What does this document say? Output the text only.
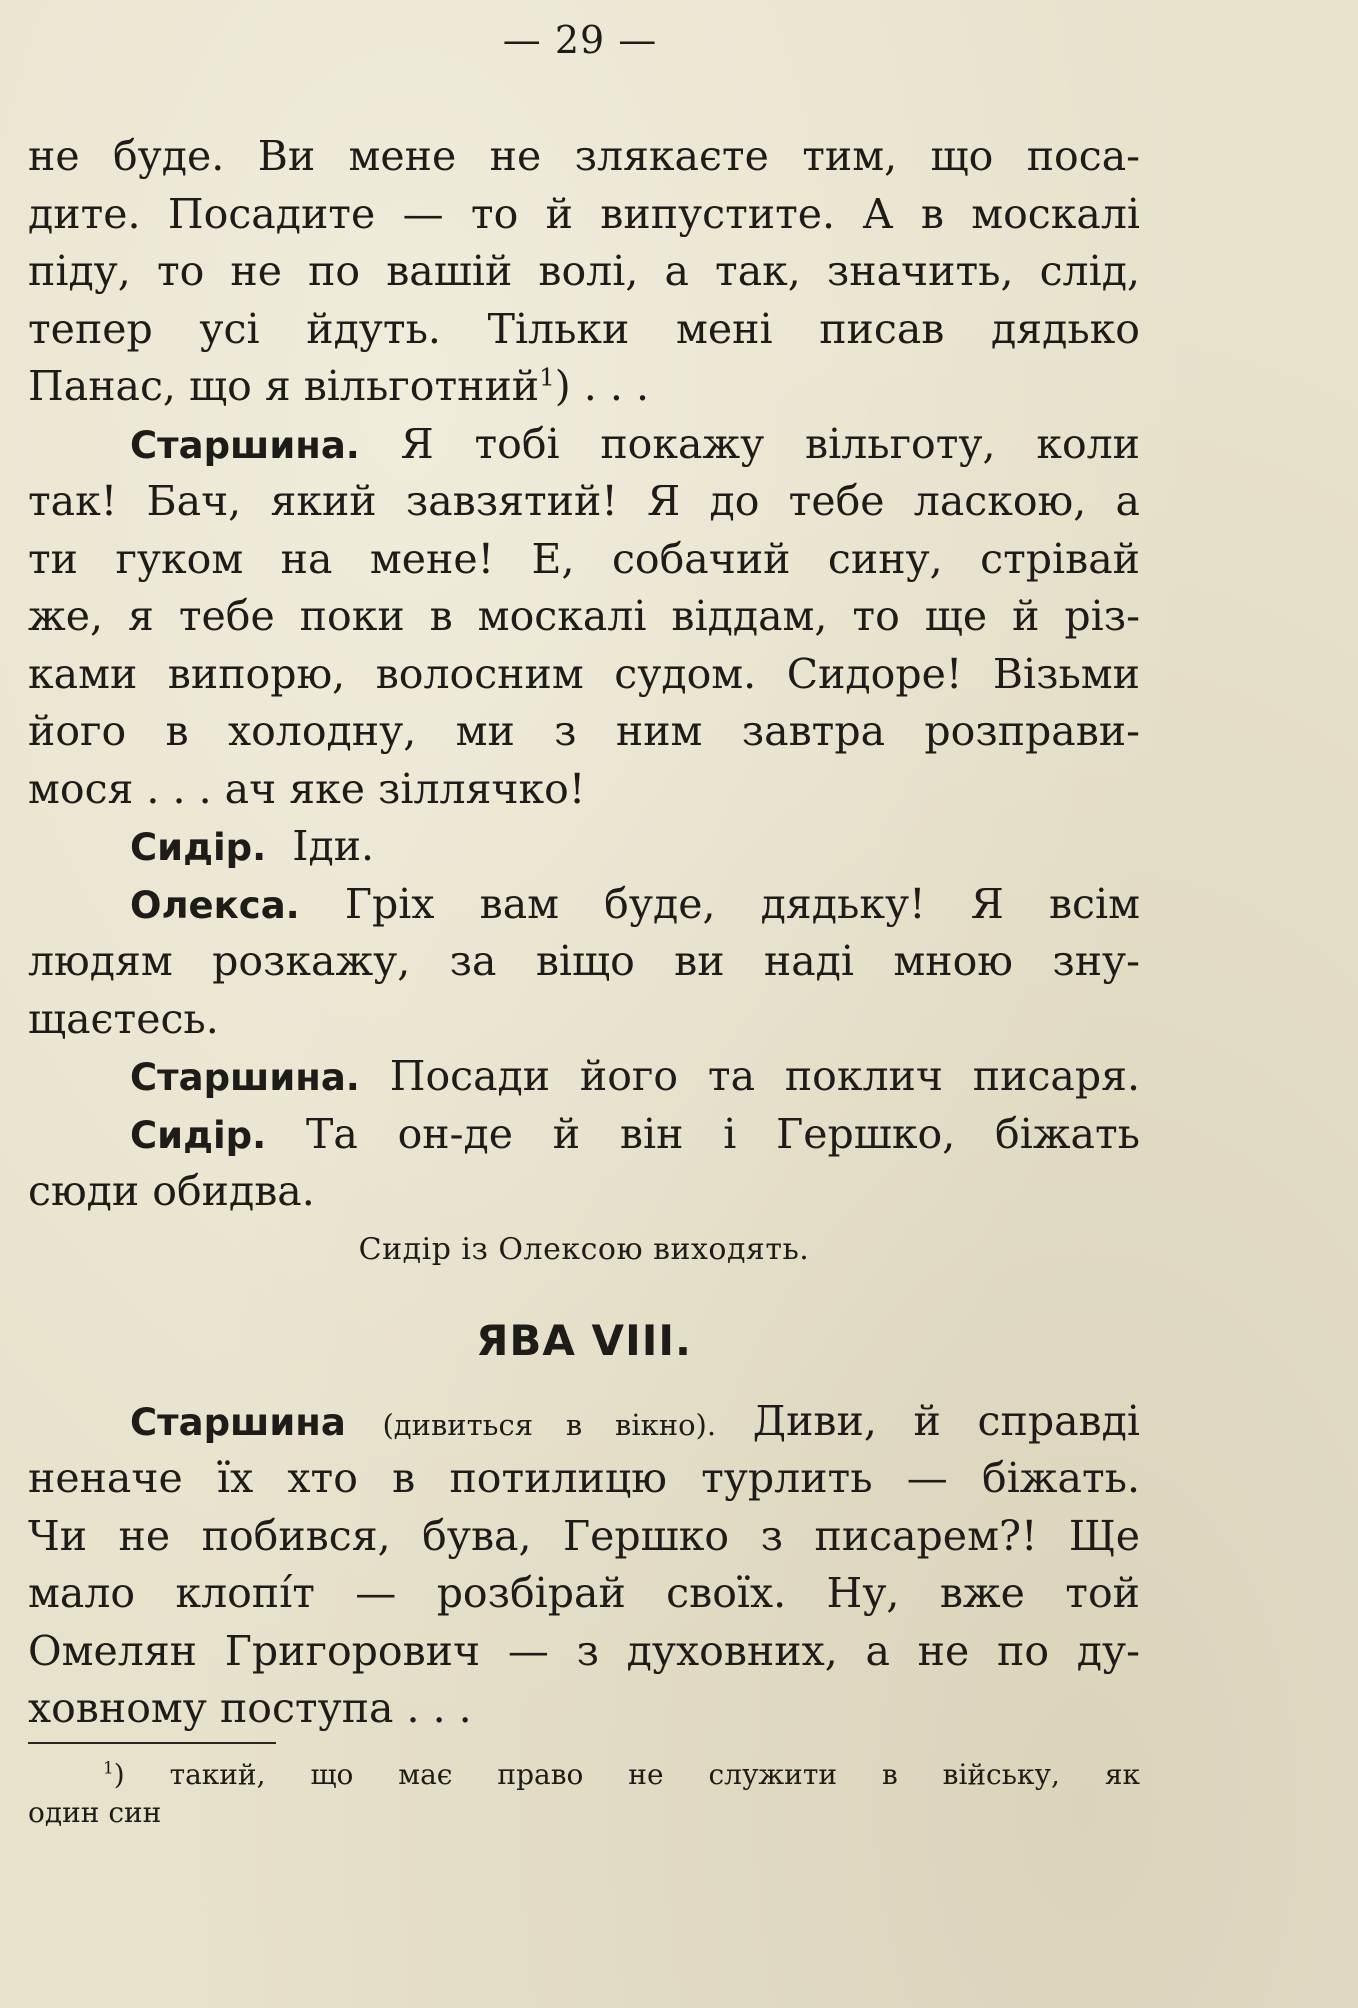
— 29 —
не буде. Ви мене не злякаєте тим, що поса-
дите. Посадите — то й випустите. А в москалі
піду, то не по вашій волі, а так, значить, слід,
тепер усі йдуть. Тільки мені писав дядько
Панас, що я вільготний$^1$) . . .
Старшина. Я тобі покажу вільготу, коли
так! Бач, який завзятий! Я до тебе ласкою, а
ти гуком на мене! Е, собачий сину, стрівай
же, я тебе поки в москалі віддам, то ще й різ-
ками випорю, волосним судом. Сидоре! Візьми
його в холодну, ми з ним завтра розправи-
мося . . . ач яке зіллячко!
Сидір. Іди.
Олекса. Гріх вам буде, дядьку! Я всім
людям розкажу, за віщо ви наді мною зну-
щаєтесь.
Старшина. Посади його та поклич писаря.
Сидір. Та он-де й він і Гершко, біжать
сюди обидва.
Сидір із Олексою виходять.
ЯВА VIII.
Старшина (дивиться в вікно). Диви, й справді
неначе їх хто в потилицю турлить — біжать.
Чи не побився, бува, Гершко з писарем?! Ще
мало клопі́т — розбірай своїх. Ну, вже той
Омелян Григорович — з духовних, а не по ду-
ховному поступа . . .
$^1$) такий, що має право не служити в війську, як
один син
